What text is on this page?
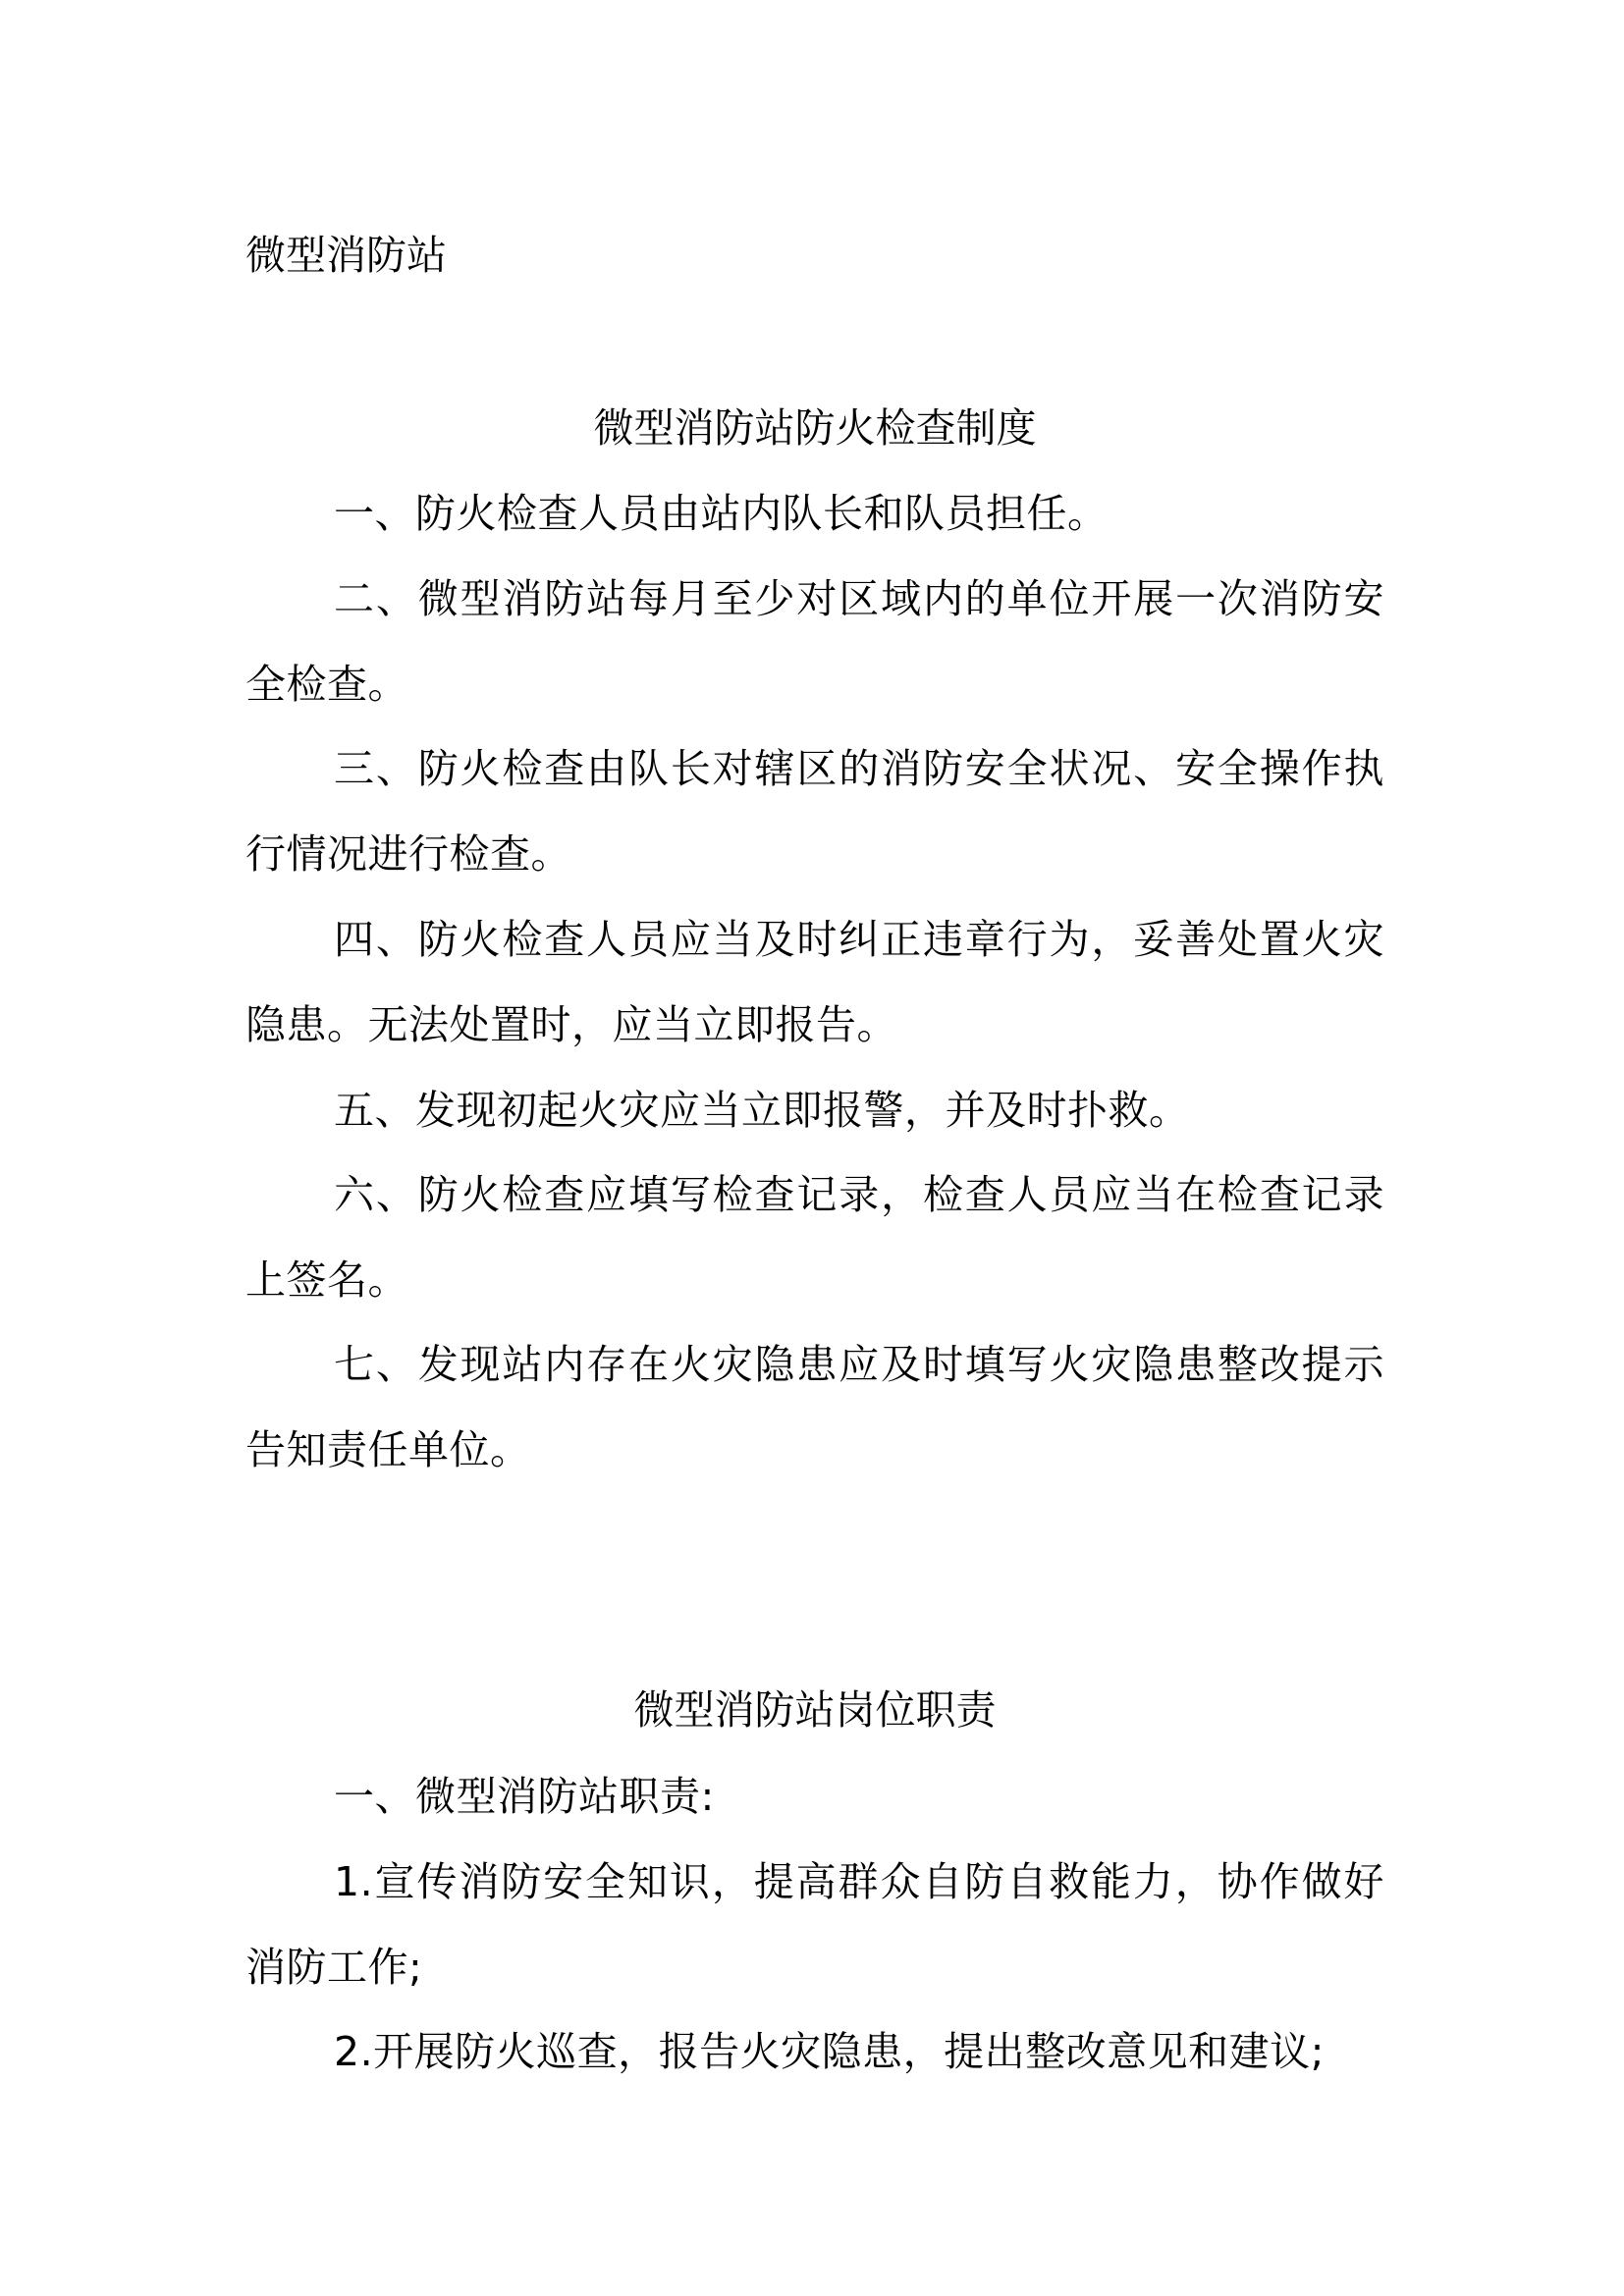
微型消防站
微型消防站防火检查制度
一、防火检查人员由站内队长和队员担任。
二、微型消防站每月至少对区域内的单位开展一次消防安全检查。
三、防火检查由队长对辖区的消防安全状况、安全操作执行情况进行检查。
四、防火检查人员应当及时纠正违章行为，妥善处置火灾隐患。无法处置时，应当立即报告。
五、发现初起火灾应当立即报警，并及时扑救。
六、防火检查应填写检查记录，检查人员应当在检查记录上签名。
七、发现站内存在火灾隐患应及时填写火灾隐患整改提示告知责任单位。
微型消防站岗位职责
一、微型消防站职责:
1.宣传消防安全知识，提高群众自防自救能力，协作做好消防工作;
2.开展防火巡查，报告火灾隐患，提出整改意见和建议;
